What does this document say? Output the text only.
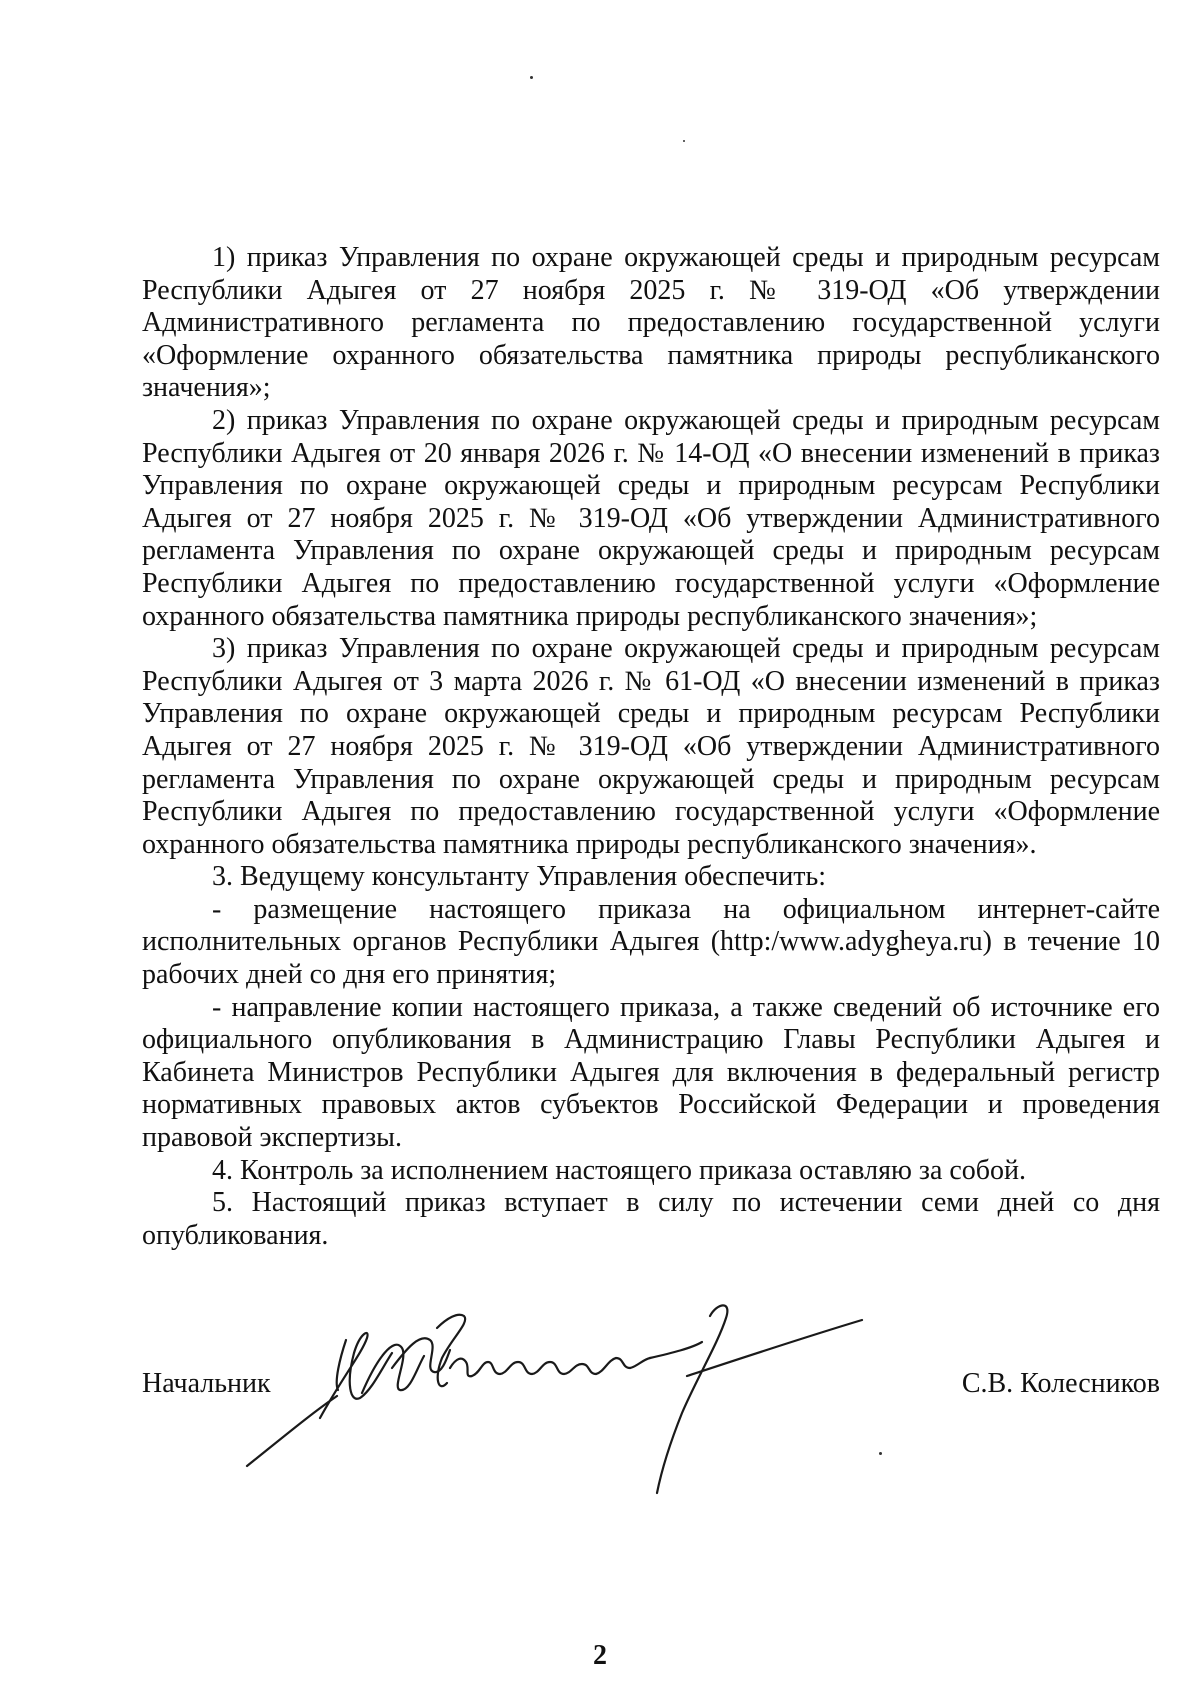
1) приказ Управления по охране окружающей среды и природным ресурсам Республики Адыгея от 27 ноября 2025 г. № 319-ОД «Об утверждении Административного регламента по предоставлению государственной услуги «Оформление охранного обязательства памятника природы республиканского значения»;

2) приказ Управления по охране окружающей среды и природным ресурсам Республики Адыгея от 20 января 2026 г. № 14-ОД «О внесении изменений в приказ Управления по охране окружающей среды и природным ресурсам Республики Адыгея от 27 ноября 2025 г. № 319-ОД «Об утверждении Административного регламента Управления по охране окружающей среды и природным ресурсам Республики Адыгея по предоставлению государственной услуги «Оформление охранного обязательства памятника природы республиканского значения»;

3) приказ Управления по охране окружающей среды и природным ресурсам Республики Адыгея от 3 марта 2026 г. № 61-ОД «О внесении изменений в приказ Управления по охране окружающей среды и природным ресурсам Республики Адыгея от 27 ноября 2025 г. № 319-ОД «Об утверждении Административного регламента Управления по охране окружающей среды и природным ресурсам Республики Адыгея по предоставлению государственной услуги «Оформление охранного обязательства памятника природы республиканского значения».

3. Ведущему консультанту Управления обеспечить:

- размещение настоящего приказа на официальном интернет-сайте исполнительных органов Республики Адыгея (http:/www.adygheya.ru) в течение 10 рабочих дней со дня его принятия;

- направление копии настоящего приказа, а также сведений об источнике его официального опубликования в Администрацию Главы Республики Адыгея и Кабинета Министров Республики Адыгея для включения в федеральный регистр нормативных правовых актов субъектов Российской Федерации и проведения правовой экспертизы.

4. Контроль за исполнением настоящего приказа оставляю за собой.

5. Настоящий приказ вступает в силу по истечении семи дней со дня опубликования.

Начальник	С.В. Колесников
2
